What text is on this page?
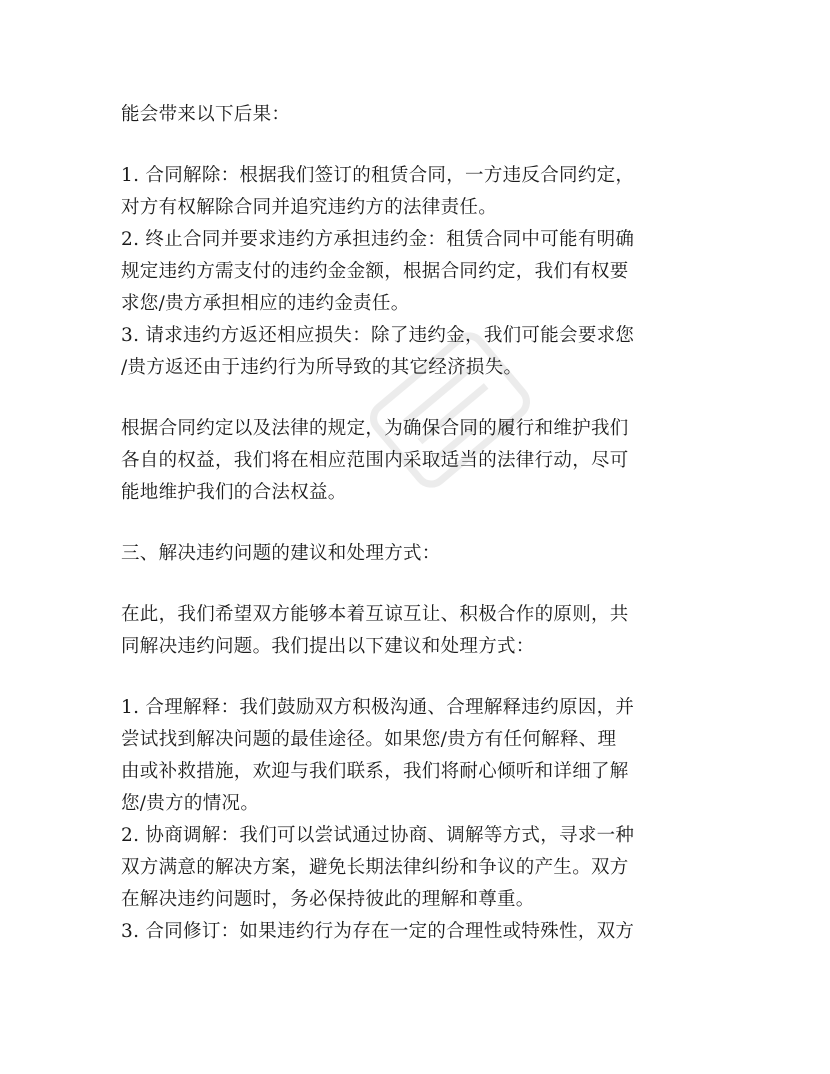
能会带来以下后果：
1. 合同解除：根据我们签订的租赁合同，一方违反合同约定，
对方有权解除合同并追究违约方的法律责任。
2. 终止合同并要求违约方承担违约金：租赁合同中可能有明确
规定违约方需支付的违约金金额，根据合同约定，我们有权要
求您/贵方承担相应的违约金责任。
3. 请求违约方返还相应损失：除了违约金，我们可能会要求您
/贵方返还由于违约行为所导致的其它经济损失。
根据合同约定以及法律的规定，为确保合同的履行和维护我们
各自的权益，我们将在相应范围内采取适当的法律行动，尽可
能地维护我们的合法权益。
三、解决违约问题的建议和处理方式：
在此，我们希望双方能够本着互谅互让、积极合作的原则，共
同解决违约问题。我们提出以下建议和处理方式：
1. 合理解释：我们鼓励双方积极沟通、合理解释违约原因，并
尝试找到解决问题的最佳途径。如果您/贵方有任何解释、理
由或补救措施，欢迎与我们联系，我们将耐心倾听和详细了解
您/贵方的情况。
2. 协商调解：我们可以尝试通过协商、调解等方式，寻求一种
双方满意的解决方案，避免长期法律纠纷和争议的产生。双方
在解决违约问题时，务必保持彼此的理解和尊重。
3. 合同修订：如果违约行为存在一定的合理性或特殊性，双方
